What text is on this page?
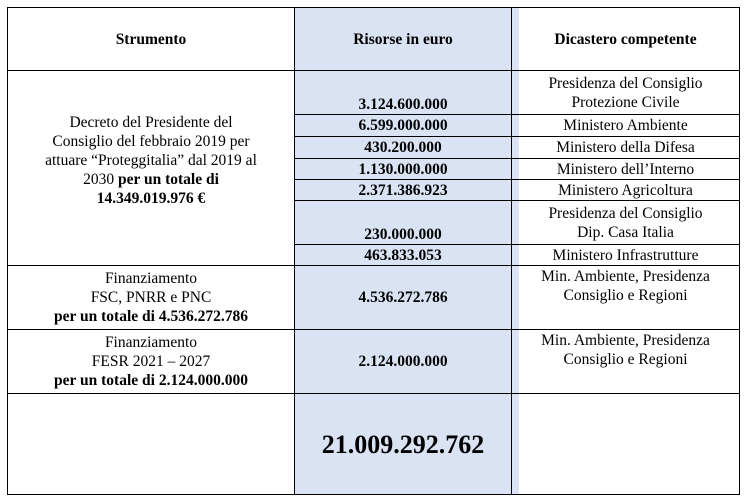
Strumento	Risorse in euro	Dicastero competente
Decreto del Presidente del
Consiglio del febbraio 2019 per
attuare “Proteggitalia” dal 2019 al
2030 per un totale di
14.349.019.976 €
3.124.600.000
6.599.000.000
430.200.000
1.130.000.000
2.371.386.923
230.000.000
463.833.053
Presidenza del Consiglio
Protezione Civile
Ministero Ambiente
Ministero della Difesa
Ministero dell’Interno
Ministero Agricoltura
Presidenza del Consiglio
Dip. Casa Italia
Ministero Infrastrutture
Finanziamento
FSC, PNRR e PNC
per un totale di 4.536.272.786
4.536.272.786
Min. Ambiente, Presidenza
Consiglio e Regioni
Finanziamento
FESR 2021 – 2027
per un totale di 2.124.000.000
2.124.000.000
Min. Ambiente, Presidenza
Consiglio e Regioni
21.009.292.762
